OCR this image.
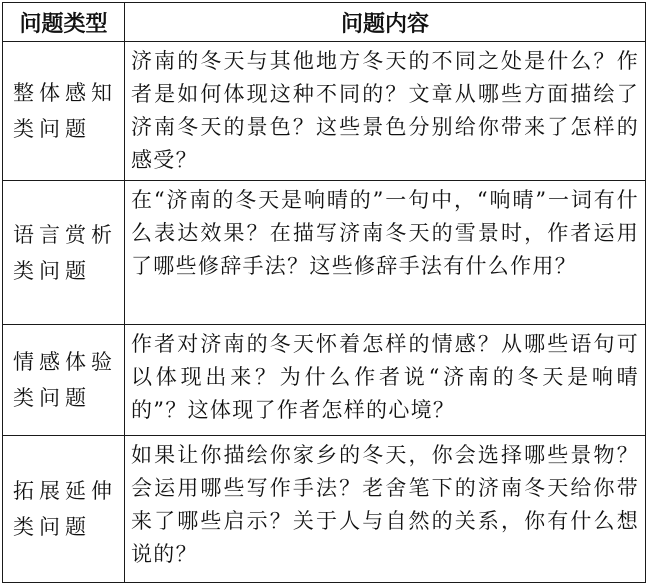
问题类型	问题内容
整体感知类问题	济南的冬天与其他地方冬天的不同之处是什么？作者是如何体现这种不同的？文章从哪些方面描绘了济南冬天的景色？这些景色分别给你带来了怎样的感受？
语言赏析类问题	在“济南的冬天是响晴的”一句中，“响晴”一词有什么表达效果？在描写济南冬天的雪景时，作者运用了哪些修辞手法？这些修辞手法有什么作用？
情感体验类问题	作者对济南的冬天怀着怎样的情感？从哪些语句可以体现出来？为什么作者说“济南的冬天是响晴的”？这体现了作者怎样的心境？
拓展延伸类问题	如果让你描绘你家乡的冬天，你会选择哪些景物？会运用哪些写作手法？老舍笔下的济南冬天给你带来了哪些启示？关于人与自然的关系，你有什么想说的？
